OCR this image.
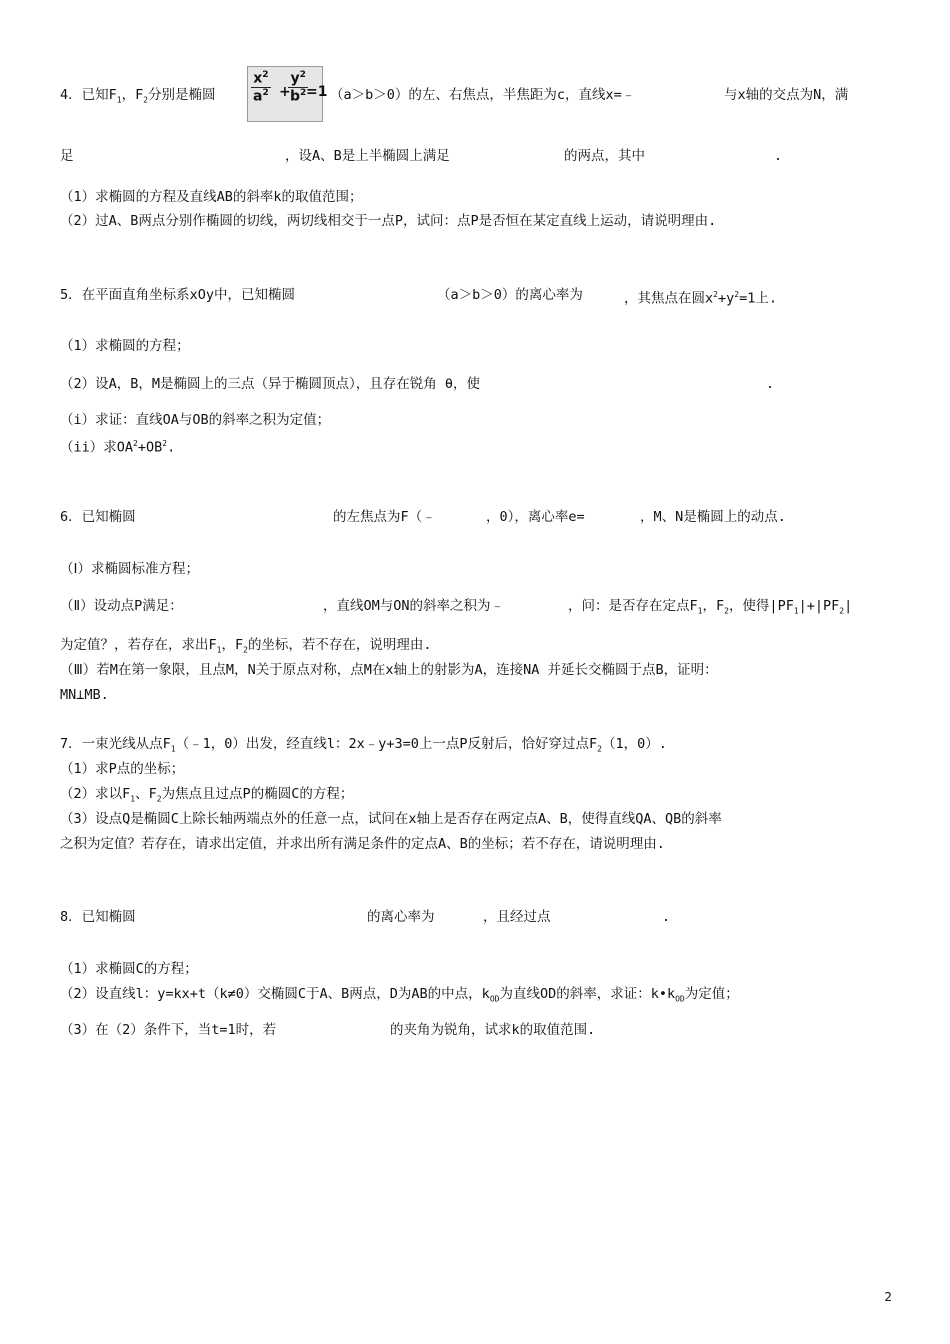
4．已知$F_1$，$F_2$分别是椭圆	$\frac{x^2}{a^2}$ +
$\frac{y^2}{b^2}$
=1 （a＞b＞0）的左、右焦点，半焦距为c，直线x=﹣	与x轴的交点为N，满
足	，设A、B是上半椭圆上满足	的两点，其中	.
（1）求椭圆的方程及直线AB的斜率k的取值范围；
（2）过A、B两点分别作椭圆的切线，两切线相交于一点P，试问：点P是否恒在某定直线上运动，请说明理由.
5．在平面直角坐标系xOy中，已知椭圆	（a＞b＞0）的离心率为	，其焦点在圆$x^2+y^2=1$上.
（1）求椭圆的方程；
（2）设A，B，M是椭圆上的三点（异于椭圆顶点），且存在锐角 θ，使	.
（i）求证：直线OA与OB的斜率之积为定值；
（ii）求$OA^2+OB^2$.
6．已知椭圆	的左焦点为F（﹣	，0），离心率e=	，M、N是椭圆上的动点.
（Ⅰ）求椭圆标准方程；
（Ⅱ）设动点P满足：	，直线OM与ON的斜率之积为﹣	，问：是否存在定点$F_1$，$F_2$，使得$|PF_1|+|PF_2|$
为定值？，若存在，求出$F_1$，$F_2$的坐标，若不存在，说明理由.
（Ⅲ）若M在第一象限，且点M，N关于原点对称，点M在x轴上的射影为A，连接NA 并延长交椭圆于点B，证明：
MN⊥MB.
7．一束光线从点$F_1(﹣1$，0）出发，经直线l：2x﹣y+3=0上一点P反射后，恰好穿过点$F_2(1$，0）.
（1）求P点的坐标；
（2）求以$F_1$、$F_2$为焦点且过点P的椭圆C的方程；
（3）设点Q是椭圆C上除长轴两端点外的任意一点，试问在x轴上是否存在两定点A、B，使得直线QA、QB的斜率
之积为定值？若存在，请求出定值，并求出所有满足条件的定点A、B的坐标；若不存在，请说明理由.
8．已知椭圆	的离心率为	，且经过点	.
（1）求椭圆C的方程；
（2）设直线l：y=kx+t（k≠0）交椭圆C于A、B两点，D为AB的中点，$k_{OD}$为直线OD的斜率，求证：$k•k_{OD}$为定值；
（3）在（2）条件下，当t=1时，若	的夹角为锐角，试求k的取值范围.
2
